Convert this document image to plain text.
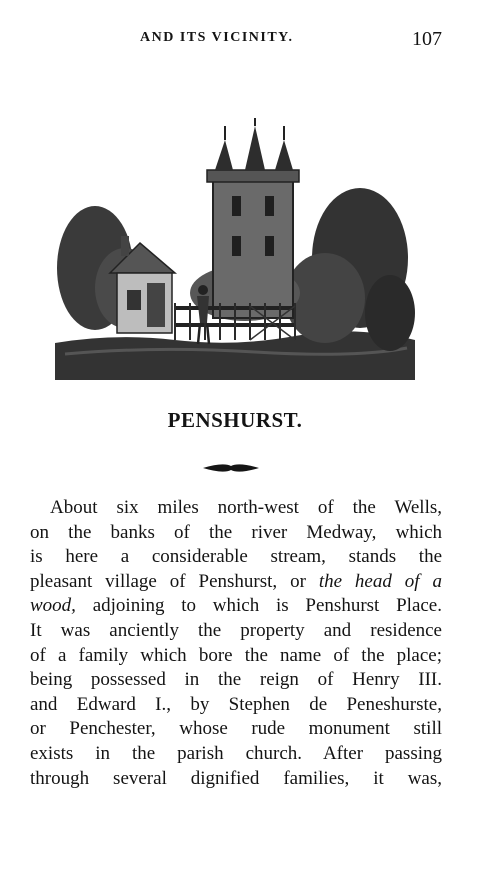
AND ITS VICINITY.	107
PENSHURST.
About six miles north-west of the Wells,
on the banks of the river Medway, which
is here a considerable stream, stands the
pleasant village of Penshurst, or the head of a
wood, adjoining to which is Penshurst Place.
It was anciently the property and residence
of a family which bore the name of the place;
being possessed in the reign of Henry III.
and Edward I., by Stephen de Peneshurste,
or Penchester, whose rude monument still
exists in the parish church. After passing
through several dignified families, it was,
